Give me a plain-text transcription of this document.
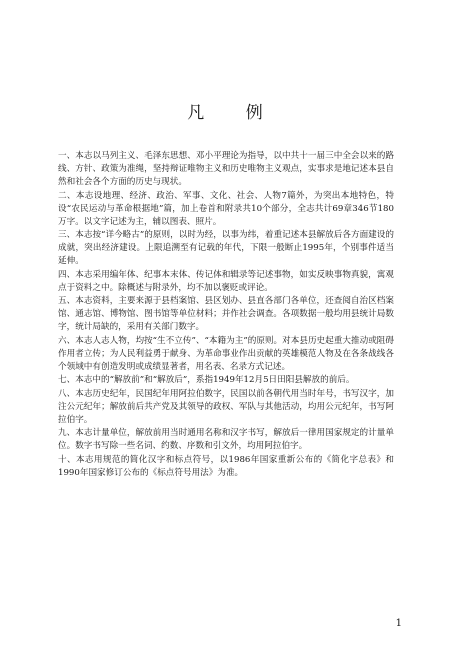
凡 例

一、本志以马列主义、毛泽东思想、邓小平理论为指导，以中共十一届三中全会以来的路线、方针、政策为准绳，坚持辩证唯物主义和历史唯物主义观点，实事求是地记述本县自然和社会各个方面的历史与现状。

二、本志设地理、经济、政治、军事、文化、社会、人物7篇外，为突出本地特色，特设“农民运动与革命根据地”篇，加上卷首和附录共10个部分，全志共计69章346节180万字。以文字记述为主，辅以图表、照片。

三、本志按“详今略古”的原则，以时为经，以事为纬，着重记述本县解放后各方面建设的成就，突出经济建设。上限追溯至有记载的年代，下限一般断止1995年，个别事件适当延伸。

四、本志采用编年体、纪事本末体、传记体和辑录等记述事物，如实反映事物真貌，寓观点于资料之中。除概述与附录外，均不加以褒贬或评论。

五、本志资料，主要来源于县档案馆、县区划办、县直各部门各单位，还查阅自治区档案馆、通志馆、博物馆、图书馆等单位材料；并作社会调查。各项数据一般均用县统计局数字，统计局缺的，采用有关部门数字。

六、本志人志人物，均按“生不立传”、“本籍为主”的原则。对本县历史起重大推动或阻碍作用者立传；为人民利益勇于献身、为革命事业作出贡献的英雄模范人物及在各条战线各个领域中有创造发明或成绩显著者，用名表、名录方式记述。

七、本志中的“解放前”和“解放后”，系指1949年12月5日田阳县解放的前后。

八、本志历史纪年，民国纪年用阿拉伯数字，民国以前各朝代用当时年号，书写汉字，加注公元纪年；解放前后共产党及其领导的政权、军队与其他活动，均用公元纪年，书写阿拉伯字。

九、本志计量单位，解放前用当时通用名称和汉字书写，解放后一律用国家规定的计量单位。数字书写除一些名词、约数、序数和引文外，均用阿拉伯字。

十、本志用规范的简化汉字和标点符号，以1986年国家重新公布的《简化字总表》和1990年国家修订公布的《标点符号用法》为准。

1
